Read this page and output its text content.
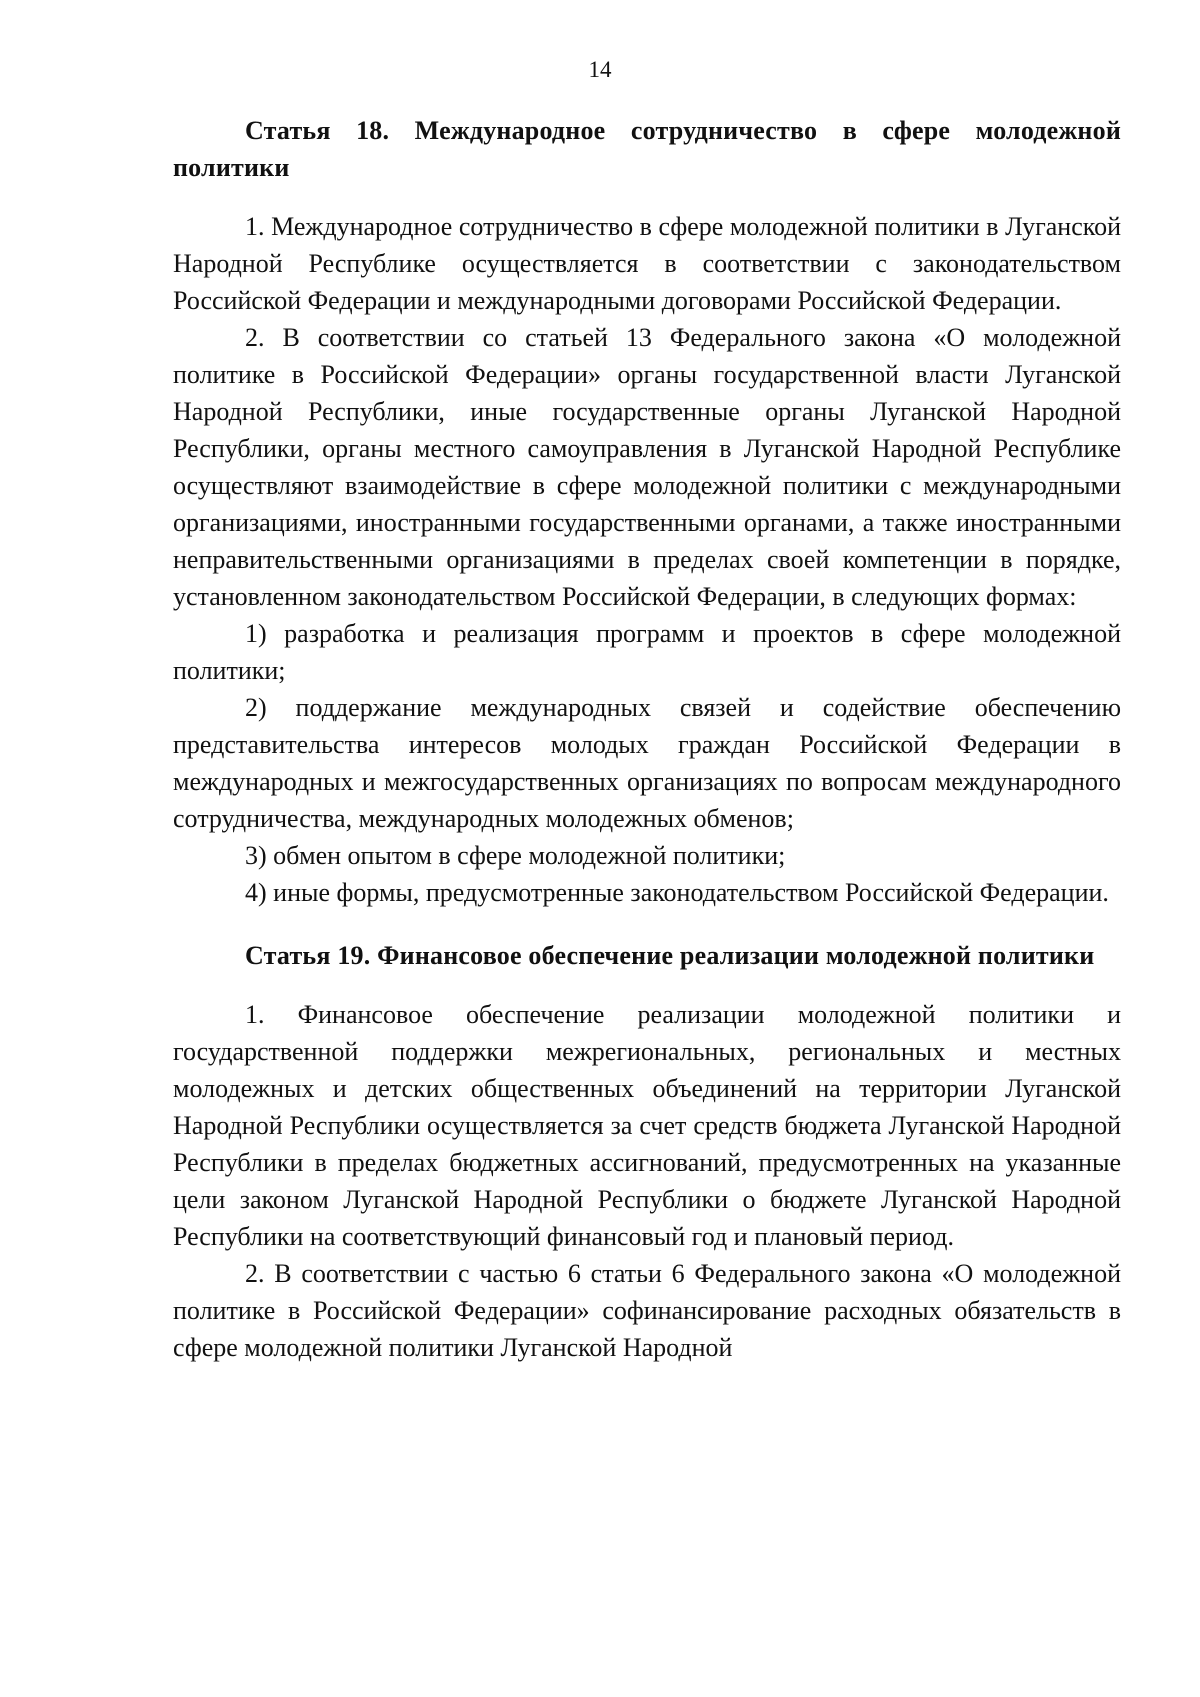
14

Статья 18. Международное сотрудничество в сфере молодежной политики

1. Международное сотрудничество в сфере молодежной политики в Луганской Народной Республике осуществляется в соответствии с законодательством Российской Федерации и международными договорами Российской Федерации.

2. В соответствии со статьей 13 Федерального закона «О молодежной политике в Российской Федерации» органы государственной власти Луганской Народной Республики, иные государственные органы Луганской Народной Республики, органы местного самоуправления в Луганской Народной Республике осуществляют взаимодействие в сфере молодежной политики с международными организациями, иностранными государственными органами, а также иностранными неправительственными организациями в пределах своей компетенции в порядке, установленном законодательством Российской Федерации, в следующих формах:

1) разработка и реализация программ и проектов в сфере молодежной политики;

2) поддержание международных связей и содействие обеспечению представительства интересов молодых граждан Российской Федерации в международных и межгосударственных организациях по вопросам международного сотрудничества, международных молодежных обменов;

3) обмен опытом в сфере молодежной политики;

4) иные формы, предусмотренные законодательством Российской Федерации.

Статья 19. Финансовое обеспечение реализации молодежной политики

1. Финансовое обеспечение реализации молодежной политики и государственной поддержки межрегиональных, региональных и местных молодежных и детских общественных объединений на территории Луганской Народной Республики осуществляется за счет средств бюджета Луганской Народной Республики в пределах бюджетных ассигнований, предусмотренных на указанные цели законом Луганской Народной Республики о бюджете Луганской Народной Республики на соответствующий финансовый год и плановый период.

2. В соответствии с частью 6 статьи 6 Федерального закона «О молодежной политике в Российской Федерации» софинансирование расходных обязательств в сфере молодежной политики Луганской Народной
